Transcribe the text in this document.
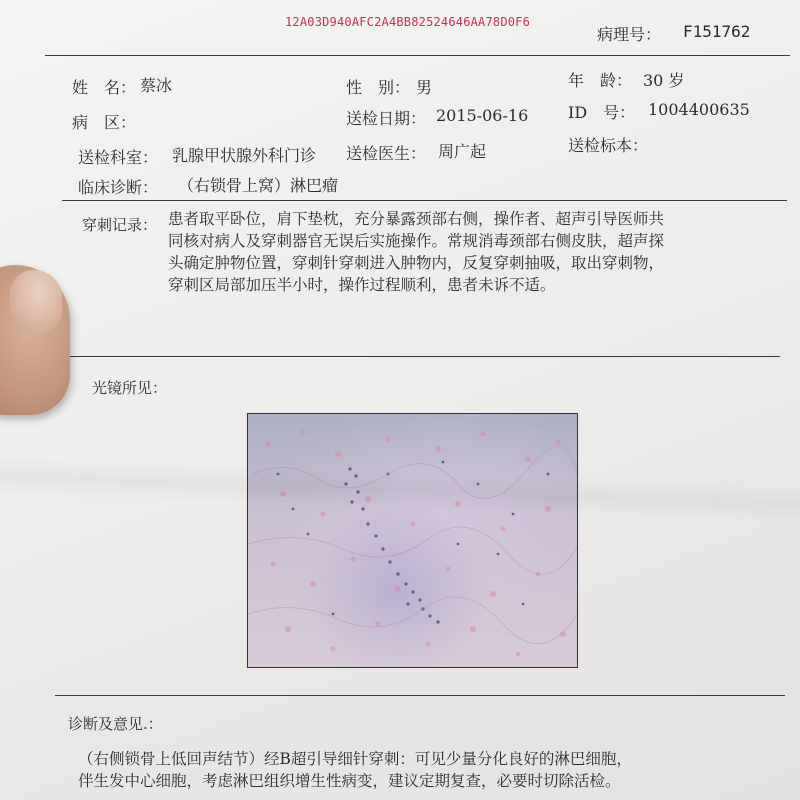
12A03D940AFC2A4BB82524646AA78D0F6
病理号： F151762
姓　名： 蔡冰	性　别： 男	年　龄： 30 岁
病　区：	送检日期： 2015-06-16 ID　号： 1004400635
送检科室： 乳腺甲状腺外科门诊 送检医生： 周广起	送检标本：
临床诊断： （右锁骨上窝）淋巴瘤
穿刺记录： 患者取平卧位，肩下垫枕，充分暴露颈部右侧，操作者、超声引导医师共
同核对病人及穿刺器官无误后实施操作。常规消毒颈部右侧皮肤，超声探
头确定肿物位置，穿刺针穿刺进入肿物内，反复穿刺抽吸，取出穿刺物，
穿刺区局部加压半小时，操作过程顺利，患者未诉不适。
光镜所见：
诊断及意见.：
（右侧锁骨上低回声结节）经B超引导细针穿刺：可见少量分化良好的淋巴细胞，
伴生发中心细胞，考虑淋巴组织增生性病变，建议定期复查，必要时切除活检。
